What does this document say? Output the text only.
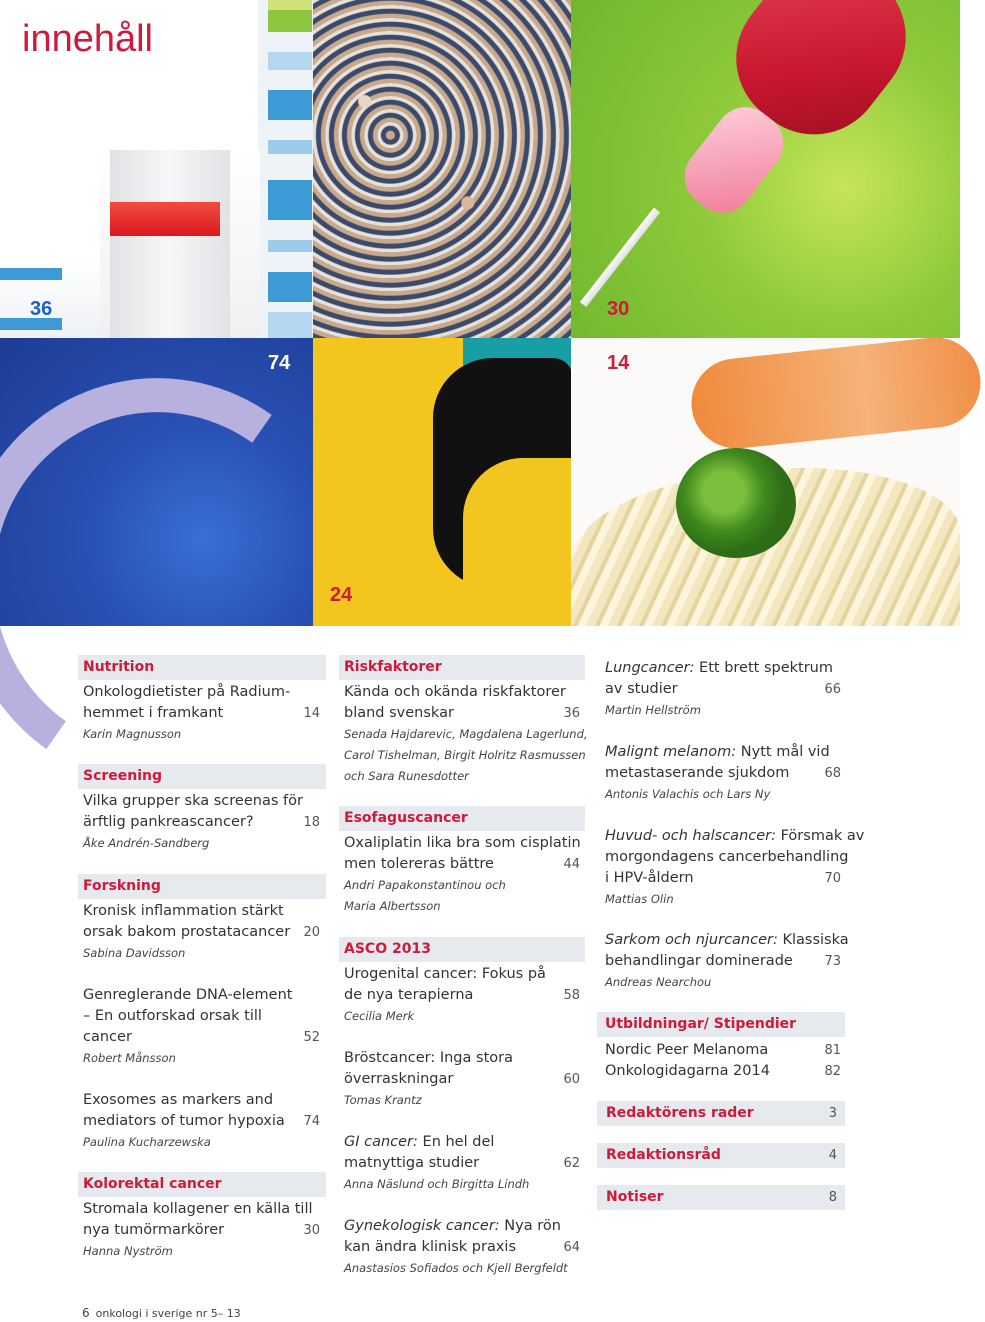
innehåll
36	30
74
24
14
Nutrition
Onkologdietister på Radium-
hemmet i framkant	14
Karin Magnusson
Screening
Vilka grupper ska screenas för
ärftlig pankreascancer?	18
Åke Andrén-Sandberg
Forskning
Kronisk inflammation stärkt
orsak bakom prostatacancer 20
Sabina Davidsson
Genreglerande DNA-element
– En outforskad orsak till
cancer	52
Robert Månsson
Exosomes as markers and
mediators of tumor hypoxia 74
Paulina Kucharzewska
Kolorektal cancer
Stromala kollagener en källa till
nya tumörmarkörer	30
Hanna Nyström
Riskfaktorer
Kända och okända riskfaktorer
bland svenskar	36
Senada Hajdarevic, Magdalena Lagerlund,
Carol Tishelman, Birgit Holritz Rasmussen
och Sara Runesdotter
Esofaguscancer
Oxaliplatin lika bra som cisplatin
men tolereras bättre	44
Andri Papakonstantinou och
Maria Albertsson
ASCO 2013
Urogenital cancer: Fokus på
de nya terapierna	58
Cecilia Merk
Bröstcancer: Inga stora
överraskningar	60
Tomas Krantz
GI cancer: En hel del
matnyttiga studier	62
Anna Näslund och Birgitta Lindh
Gynekologisk cancer: Nya rön
kan ändra klinisk praxis	64
Anastasios Sofiados och Kjell Bergfeldt
Lungcancer: Ett brett spektrum
av studier	66
Martin Hellström
Malignt melanom: Nytt mål vid
metastaserande sjukdom	68
Antonis Valachis och Lars Ny
Huvud- och halscancer: Försmak av
morgondagens cancerbehandling
i HPV-åldern	70
Mattias Olin
Sarkom och njurcancer: Klassiska
behandlingar dominerade 73
Andreas Nearchou
Utbildningar/ Stipendier
Nordic Peer Melanoma	81
Onkologidagarna 2014	82
Redaktörens rader	3
Redaktionsråd	4
Notiser	8
6 onkologi i sverige nr 5– 13
